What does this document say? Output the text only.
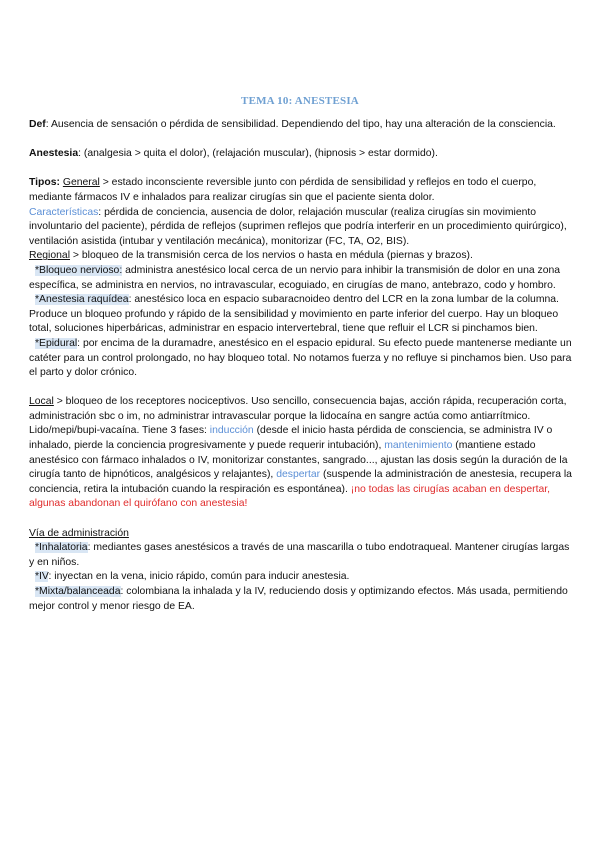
TEMA 10: ANESTESIA

Def: Ausencia de sensación o pérdida de sensibilidad. Dependiendo del tipo, hay una alteración de la consciencia.

Anestesia: (analgesia > quita el dolor), (relajación muscular), (hipnosis > estar dormido).

Tipos: General > estado inconsciente reversible junto con pérdida de sensibilidad y reflejos en todo el cuerpo, mediante fármacos IV e inhalados para realizar cirugías sin que el paciente sienta dolor.

Características: pérdida de conciencia, ausencia de dolor, relajación muscular (realiza cirugías sin movimiento involuntario del paciente), pérdida de reflejos (suprimen reflejos que podría interferir en un procedimiento quirúrgico), ventilación asistida (intubar y ventilación mecánica), monitorizar (FC, TA, O2, BIS).

Regional > bloqueo de la transmisión cerca de los nervios o hasta en médula (piernas y brazos).

*Bloqueo nervioso: administra anestésico local cerca de un nervio para inhibir la transmisión de dolor en una zona específica, se administra en nervios, no intravascular, ecoguiado, en cirugías de mano, antebrazo, codo y hombro.

*Anestesia raquídea: anestésico loca en espacio subaracnoideo dentro del LCR en la zona lumbar de la columna. Produce un bloqueo profundo y rápido de la sensibilidad y movimiento en parte inferior del cuerpo. Hay un bloqueo total, soluciones hiperbáricas, administrar en espacio intervertebral, tiene que refluir el LCR si pinchamos bien.

*Epidural: por encima de la duramadre, anestésico en el espacio epidural. Su efecto puede mantenerse mediante un catéter para un control prolongado, no hay bloqueo total. No notamos fuerza y no refluye si pinchamos bien. Uso para el parto y dolor crónico.

Local > bloqueo de los receptores nociceptivos. Uso sencillo, consecuencia bajas, acción rápida, recuperación corta, administración sbc o im, no administrar intravascular porque la lidocaína en sangre actúa como antiarrítmico. Lido/mepi/bupi-vacaína. Tiene 3 fases: inducción (desde el inicio hasta pérdida de consciencia, se administra IV o inhalado, pierde la conciencia progresivamente y puede requerir intubación), mantenimiento (mantiene estado anestésico con fármaco inhalados o IV, monitorizar constantes, sangrado..., ajustan las dosis según la duración de la cirugía tanto de hipnóticos, analgésicos y relajantes), despertar (suspende la administración de anestesia, recupera la conciencia, retira la intubación cuando la respiración es espontánea). ¡no todas las cirugías acaban en despertar, algunas abandonan el quirófano con anestesia!

Vía de administración

*Inhalatoria: mediantes gases anestésicos a través de una mascarilla o tubo endotraqueal. Mantener cirugías largas y en niños.

*IV: inyectan en la vena, inicio rápido, común para inducir anestesia.

*Mixta/balanceada: colombiana la inhalada y la IV, reduciendo dosis y optimizando efectos. Más usada, permitiendo mejor control y menor riesgo de EA.
